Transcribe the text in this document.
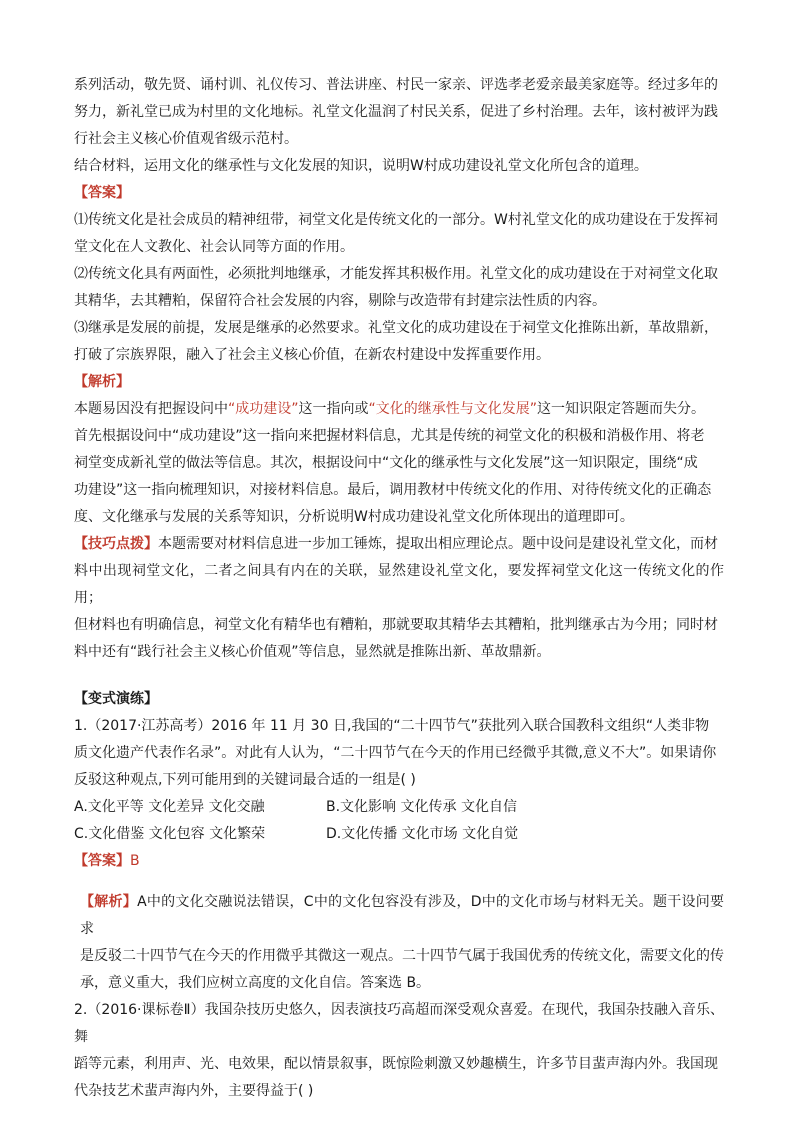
系列活动，敬先贤、诵村训、礼仪传习、普法讲座、村民一家亲、评选孝老爱亲最美家庭等。经过多年的

努力，新礼堂已成为村里的文化地标。礼堂文化温润了村民关系，促进了乡村治理。去年，该村被评为践

行社会主义核心价值观省级示范村。

结合材料，运用文化的继承性与文化发展的知识，说明W村成功建设礼堂文化所包含的道理。

【答案】

⑴传统文化是社会成员的精神纽带，祠堂文化是传统文化的一部分。W村礼堂文化的成功建设在于发挥祠

堂文化在人文教化、社会认同等方面的作用。

⑵传统文化具有两面性，必须批判地继承，才能发挥其积极作用。礼堂文化的成功建设在于对祠堂文化取

其精华，去其糟粕，保留符合社会发展的内容，剔除与改造带有封建宗法性质的内容。

⑶继承是发展的前提，发展是继承的必然要求。礼堂文化的成功建设在于祠堂文化推陈出新，革故鼎新，

打破了宗族界限，融入了社会主义核心价值，在新农村建设中发挥重要作用。

【解析】

本题易因没有把握设问中“成功建设”这一指向或“文化的继承性与文化发展”这一知识限定答题而失分。

首先根据设问中“成功建设”这一指向来把握材料信息，尤其是传统的祠堂文化的积极和消极作用、将老

祠堂变成新礼堂的做法等信息。其次，根据设问中“文化的继承性与文化发展”这一知识限定，围绕“成

功建设”这一指向梳理知识，对接材料信息。最后，调用教材中传统文化的作用、对待传统文化的正确态

度、文化继承与发展的关系等知识，分析说明W村成功建设礼堂文化所体现出的道理即可。

【技巧点拨】本题需要对材料信息进一步加工锤炼，提取出相应理论点。题中设问是建设礼堂文化，而材

料中出现祠堂文化，二者之间具有内在的关联，显然建设礼堂文化，要发挥祠堂文化这一传统文化的作用；

但材料也有明确信息，祠堂文化有精华也有糟粕，那就要取其精华去其糟粕，批判继承古为今用；同时材

料中还有“践行社会主义核心价值观”等信息，显然就是推陈出新、革故鼎新。

【变式演练】

1.（2017·江苏高考）2016 年 11 月 30 日,我国的“二十四节气”获批列入联合国教科文组织“人类非物

质文化遗产代表作名录”。对此有人认为，“二十四节气在今天的作用已经微乎其微,意义不大”。如果请你

反驳这种观点,下列可能用到的关键词最合适的一组是( )

A.文化平等 文化差异 文化交融	B.文化影响 文化传承 文化自信

C.文化借鉴 文化包容 文化繁荣	D.文化传播 文化市场 文化自觉

【答案】B

【解析】A中的文化交融说法错误，C中的文化包容没有涉及，D中的文化市场与材料无关。题干设问要求

是反驳二十四节气在今天的作用微乎其微这一观点。二十四节气属于我国优秀的传统文化，需要文化的传

承，意义重大，我们应树立高度的文化自信。答案选 B。

2.（2016·课标卷Ⅱ）我国杂技历史悠久，因表演技巧高超而深受观众喜爱。在现代，我国杂技融入音乐、舞

蹈等元素，利用声、光、电效果，配以情景叙事，既惊险刺激又妙趣横生，许多节目蜚声海内外。我国现

代杂技艺术蜚声海内外，主要得益于( )
